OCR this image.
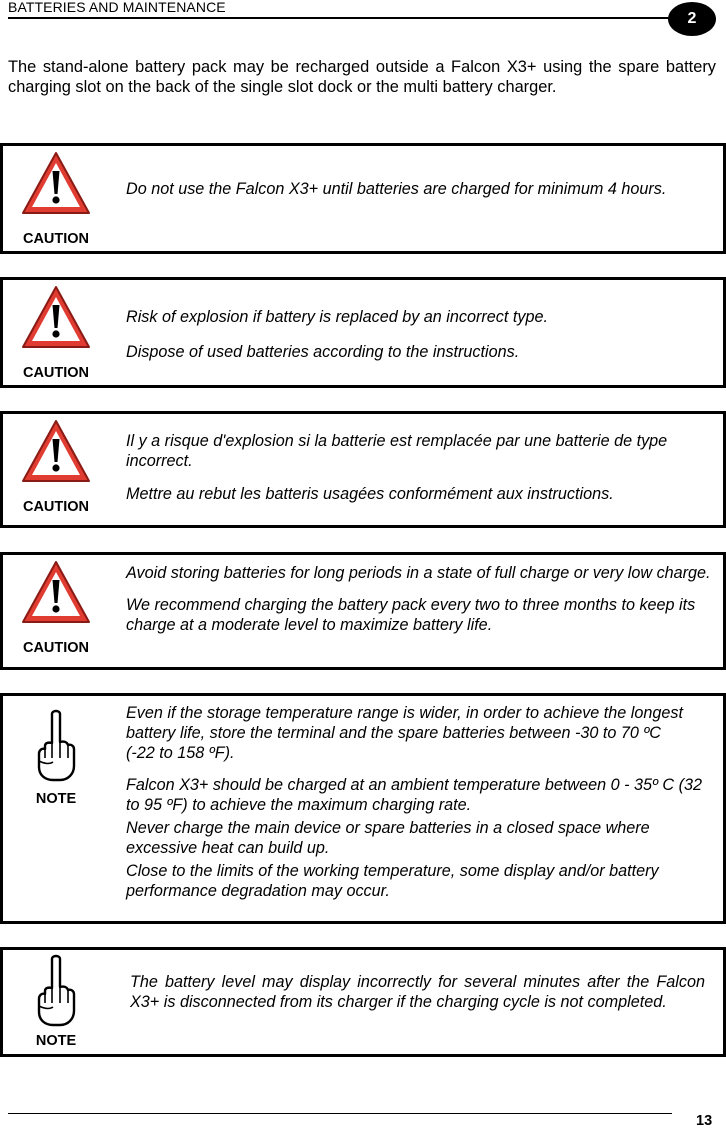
BATTERIES AND MAINTENANCE
2

The stand-alone battery pack may be recharged outside a Falcon X3+ using the spare battery charging slot on the back of the single slot dock or the multi battery charger.

CAUTION

Do not use the Falcon X3+ until batteries are charged for minimum 4 hours.

CAUTION

Risk of explosion if battery is replaced by an incorrect type.

Dispose of used batteries according to the instructions.

CAUTION

Il y a risque d'explosion si la batterie est remplacée par une batterie de type incorrect.

Mettre au rebut les batteris usagées conformément aux instructions.

CAUTION

Avoid storing batteries for long periods in a state of full charge or very low charge.

We recommend charging the battery pack every two to three months to keep its charge at a moderate level to maximize battery life.

NOTE

Even if the storage temperature range is wider, in order to achieve the longest battery life, store the terminal and the spare batteries between -30 to 70 ºC (-22 to 158 ºF).

Falcon X3+ should be charged at an ambient temperature between 0 - 35º C (32 to 95 ºF) to achieve the maximum charging rate.

Never charge the main device or spare batteries in a closed space where excessive heat can build up.

Close to the limits of the working temperature, some display and/or battery performance degradation may occur.

NOTE

The battery level may display incorrectly for several minutes after the Falcon X3+ is disconnected from its charger if the charging cycle is not completed.

13
